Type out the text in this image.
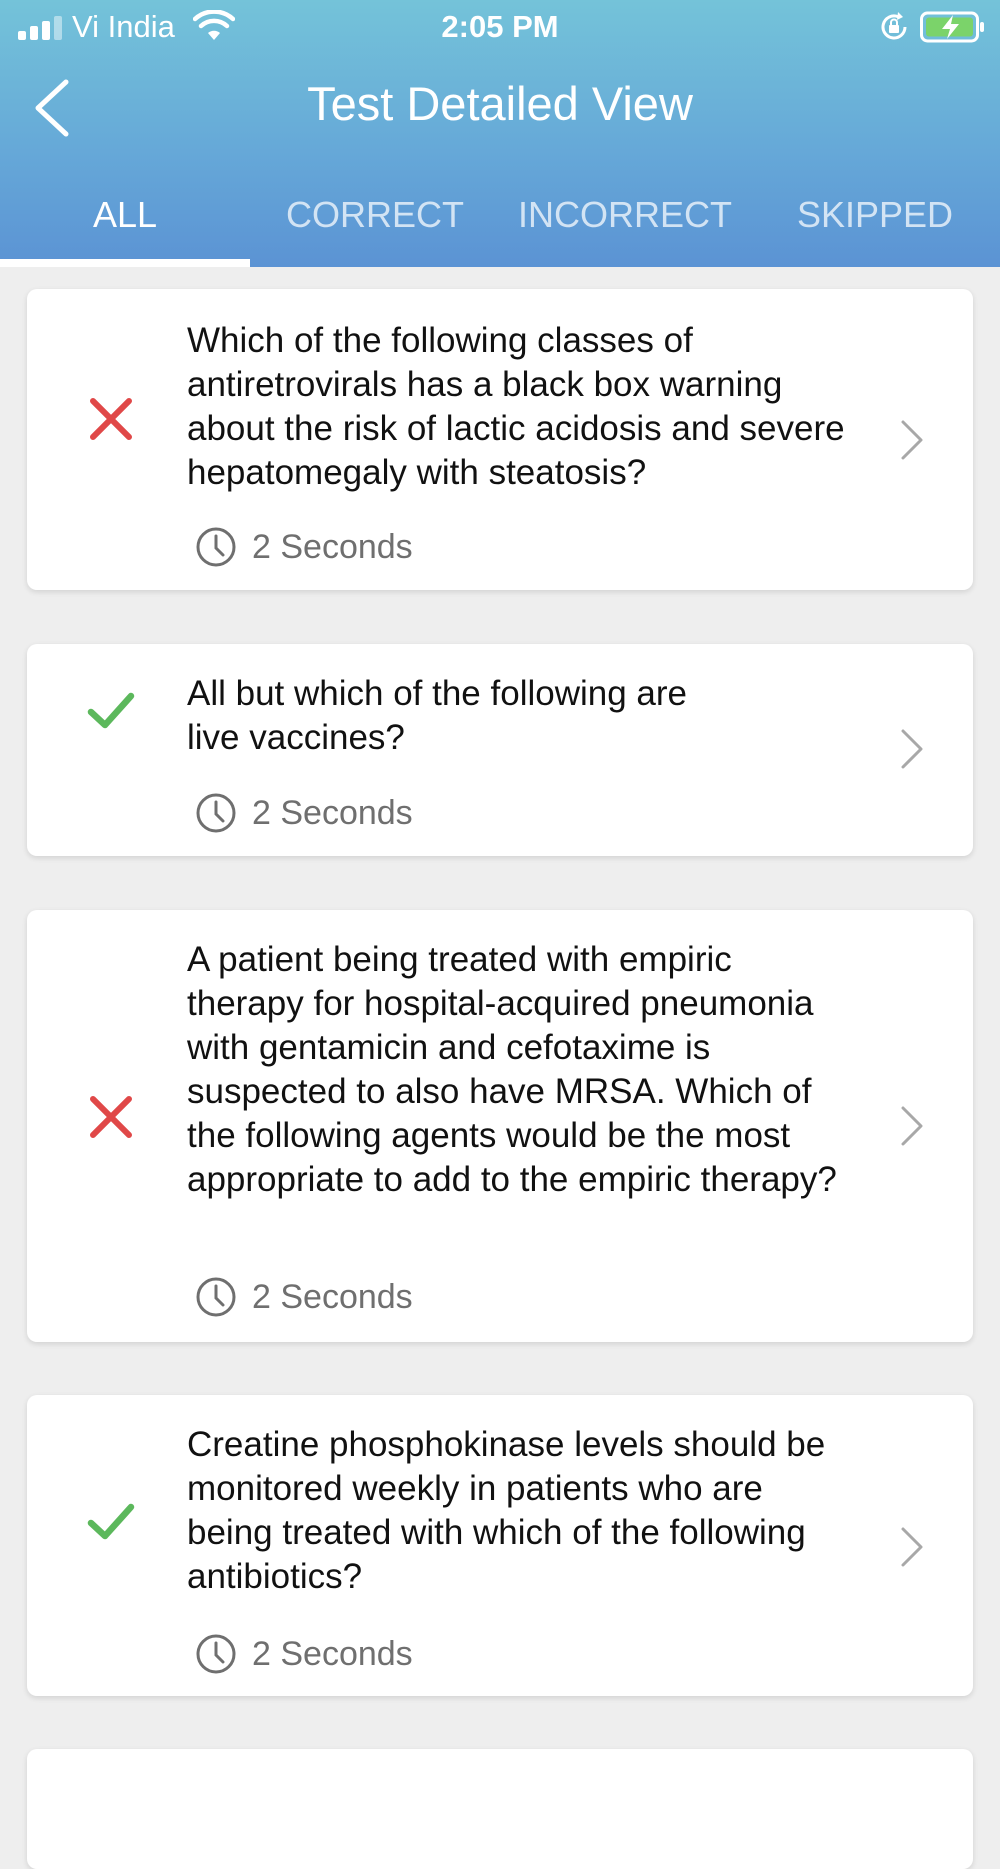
Vi India	2:05 PM
Test Detailed View
ALL	CORRECT	INCORRECT	SKIPPED
Which of the following classes of antiretrovirals has a black box warning about the risk of lactic acidosis and severe hepatomegaly with steatosis?
2 Seconds
All but which of the following are live vaccines?
2 Seconds
A patient being treated with empiric therapy for hospital-acquired pneumonia with gentamicin and cefotaxime is suspected to also have MRSA. Which of the following agents would be the most appropriate to add to the empiric therapy?
2 Seconds
Creatine phosphokinase levels should be monitored weekly in patients who are being treated with which of the following antibiotics?
2 Seconds
